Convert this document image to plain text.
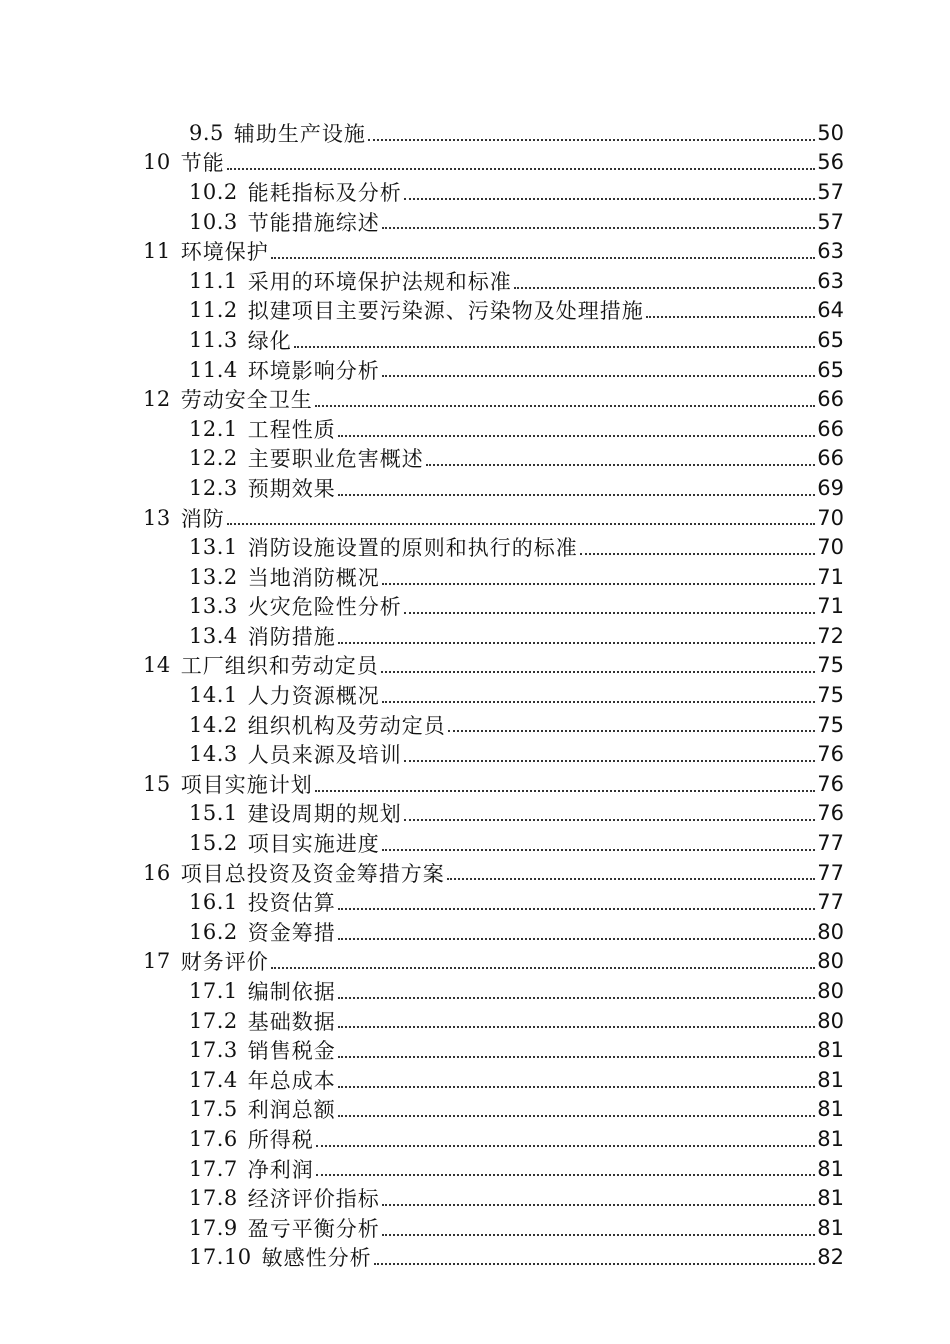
9.5 辅助生产设施	50
10 节能	56
10.2 能耗指标及分析	57
10.3 节能措施综述	57
11 环境保护	63
11.1 采用的环境保护法规和标准	63
11.2 拟建项目主要污染源、污染物及处理措施	64
11.3 绿化	65
11.4 环境影响分析	65
12 劳动安全卫生	66
12.1 工程性质	66
12.2 主要职业危害概述	66
12.3 预期效果	69
13 消防	70
13.1 消防设施设置的原则和执行的标准	70
13.2 当地消防概况	71
13.3 火灾危险性分析	71
13.4 消防措施	72
14 工厂组织和劳动定员	75
14.1 人力资源概况	75
14.2 组织机构及劳动定员	75
14.3 人员来源及培训	76
15 项目实施计划	76
15.1 建设周期的规划	76
15.2 项目实施进度	77
16 项目总投资及资金筹措方案	77
16.1 投资估算	77
16.2 资金筹措	80
17 财务评价	80
17.1 编制依据	80
17.2 基础数据	80
17.3 销售税金	81
17.4 年总成本	81
17.5 利润总额	81
17.6 所得税	81
17.7 净利润	81
17.8 经济评价指标	81
17.9 盈亏平衡分析	81
17.10 敏感性分析	82
